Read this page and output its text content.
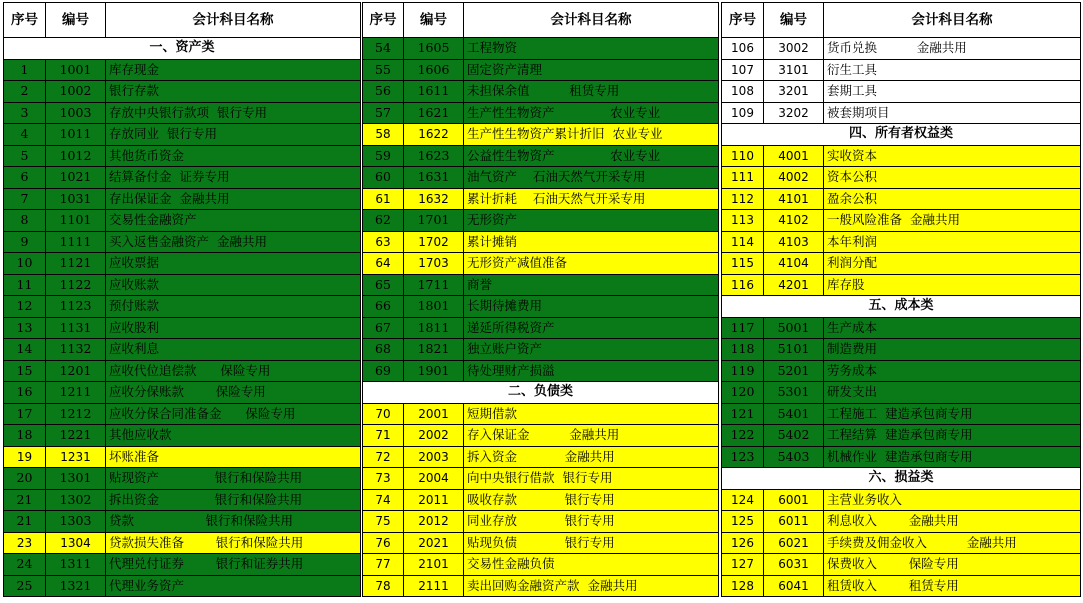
序号	编号	会计科目名称
一、资产类		
1	1001	库存现金
2	1002	银行存款
3	1003	存放中央银行款项  银行专用
4	1011	存放同业  银行专用
5	1012	其他货币资金
6	1021	结算备付金  证券专用
7	1031	存出保证金  金融共用
8	1101	交易性金融资产
9	1111	买入返售金融资产  金融共用
10	1121	应收票据
11	1122	应收账款
12	1123	预付账款
13	1131	应收股利
14	1132	应收利息
15	1201	应收代位追偿款      保险专用
16	1211	应收分保账款        保险专用
17	1212	应收分保合同准备金      保险专用
18	1221	其他应收款
19	1231	坏账准备
20	1301	贴现资产              银行和保险共用
21	1302	拆出资金              银行和保险共用
21	1303	贷款                  银行和保险共用
23	1304	贷款损失准备        银行和保险共用
24	1311	代理兑付证券        银行和证券共用
25	1321	代理业务资产
序号	编号	会计科目名称
54	1605	工程物资
55	1606	固定资产清理
56	1611	未担保余值          租赁专用
57	1621	生产性生物资产              农业专业
58	1622	生产性生物资产累计折旧  农业专业
59	1623	公益性生物资产              农业专业
60	1631	油气资产    石油天然气开采专用
61	1632	累计折耗    石油天然气开采专用
62	1701	无形资产
63	1702	累计摊销
64	1703	无形资产减值准备
65	1711	商誉
66	1801	长期待摊费用
67	1811	递延所得税资产
68	1821	独立账户资产
69	1901	待处理财产损溢
二、负债类		
70	2001	短期借款
71	2002	存入保证金          金融共用
72	2003	拆入资金            金融共用
73	2004	向中央银行借款  银行专用
74	2011	吸收存款            银行专用
75	2012	同业存放            银行专用
76	2021	贴现负债            银行专用
77	2101	交易性金融负债
78	2111	卖出回购金融资产款  金融共用
序号	编号	会计科目名称
106	3002	货币兑换          金融共用
107	3101	衍生工具
108	3201	套期工具
109	3202	被套期项目
四、所有者权益类		
110	4001	实收资本
111	4002	资本公积
112	4101	盈余公积
113	4102	一般风险准备  金融共用
114	4103	本年利润
115	4104	利润分配
116	4201	库存股
五、成本类		
117	5001	生产成本
118	5101	制造费用
119	5201	劳务成本
120	5301	研发支出
121	5401	工程施工  建造承包商专用
122	5402	工程结算  建造承包商专用
123	5403	机械作业  建造承包商专用
六、损益类		
124	6001	主营业务收入
125	6011	利息收入        金融共用
126	6021	手续费及佣金收入          金融共用
127	6031	保费收入        保险专用
128	6041	租赁收入        租赁专用
